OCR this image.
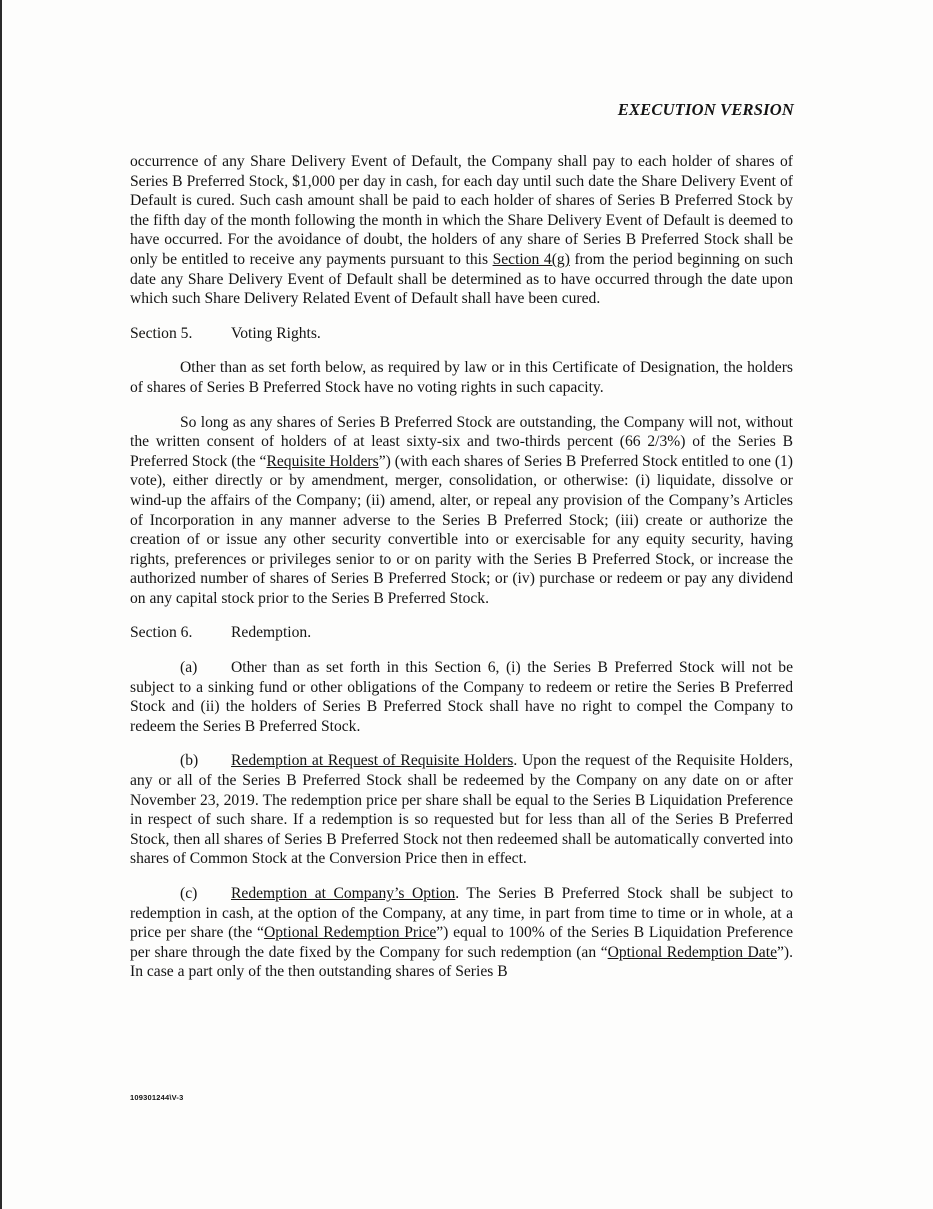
EXECUTION VERSION

occurrence of any Share Delivery Event of Default, the Company shall pay to each holder of shares of Series B Preferred Stock, $1,000 per day in cash, for each day until such date the Share Delivery Event of Default is cured. Such cash amount shall be paid to each holder of shares of Series B Preferred Stock by the fifth day of the month following the month in which the Share Delivery Event of Default is deemed to have occurred. For the avoidance of doubt, the holders of any share of Series B Preferred Stock shall be only be entitled to receive any payments pursuant to this Section 4(g) from the period beginning on such date any Share Delivery Event of Default shall be determined as to have occurred through the date upon which such Share Delivery Related Event of Default shall have been cured.

Section 5.	Voting Rights.

Other than as set forth below, as required by law or in this Certificate of Designation, the holders of shares of Series B Preferred Stock have no voting rights in such capacity.

So long as any shares of Series B Preferred Stock are outstanding, the Company will not, without the written consent of holders of at least sixty-six and two-thirds percent (66 2/3%) of the Series B Preferred Stock (the “Requisite Holders”) (with each shares of Series B Preferred Stock entitled to one (1) vote), either directly or by amendment, merger, consolidation, or otherwise: (i) liquidate, dissolve or wind-up the affairs of the Company; (ii) amend, alter, or repeal any provision of the Company’s Articles of Incorporation in any manner adverse to the Series B Preferred Stock; (iii) create or authorize the creation of or issue any other security convertible into or exercisable for any equity security, having rights, preferences or privileges senior to or on parity with the Series B Preferred Stock, or increase the authorized number of shares of Series B Preferred Stock; or (iv) purchase or redeem or pay any dividend on any capital stock prior to the Series B Preferred Stock.

Section 6.	Redemption.

(a) Other than as set forth in this Section 6, (i) the Series B Preferred Stock will not be subject to a sinking fund or other obligations of the Company to redeem or retire the Series B Preferred Stock and (ii) the holders of Series B Preferred Stock shall have no right to compel the Company to redeem the Series B Preferred Stock.

(b) Redemption at Request of Requisite Holders. Upon the request of the Requisite Holders, any or all of the Series B Preferred Stock shall be redeemed by the Company on any date on or after November 23, 2019. The redemption price per share shall be equal to the Series B Liquidation Preference in respect of such share. If a redemption is so requested but for less than all of the Series B Preferred Stock, then all shares of Series B Preferred Stock not then redeemed shall be automatically converted into shares of Common Stock at the Conversion Price then in effect.

(c) Redemption at Company’s Option. The Series B Preferred Stock shall be subject to redemption in cash, at the option of the Company, at any time, in part from time to time or in whole, at a price per share (the “Optional Redemption Price”) equal to 100% of the Series B Liquidation Preference per share through the date fixed by the Company for such redemption (an “Optional Redemption Date”). In case a part only of the then outstanding shares of Series B

109301244\V-3
